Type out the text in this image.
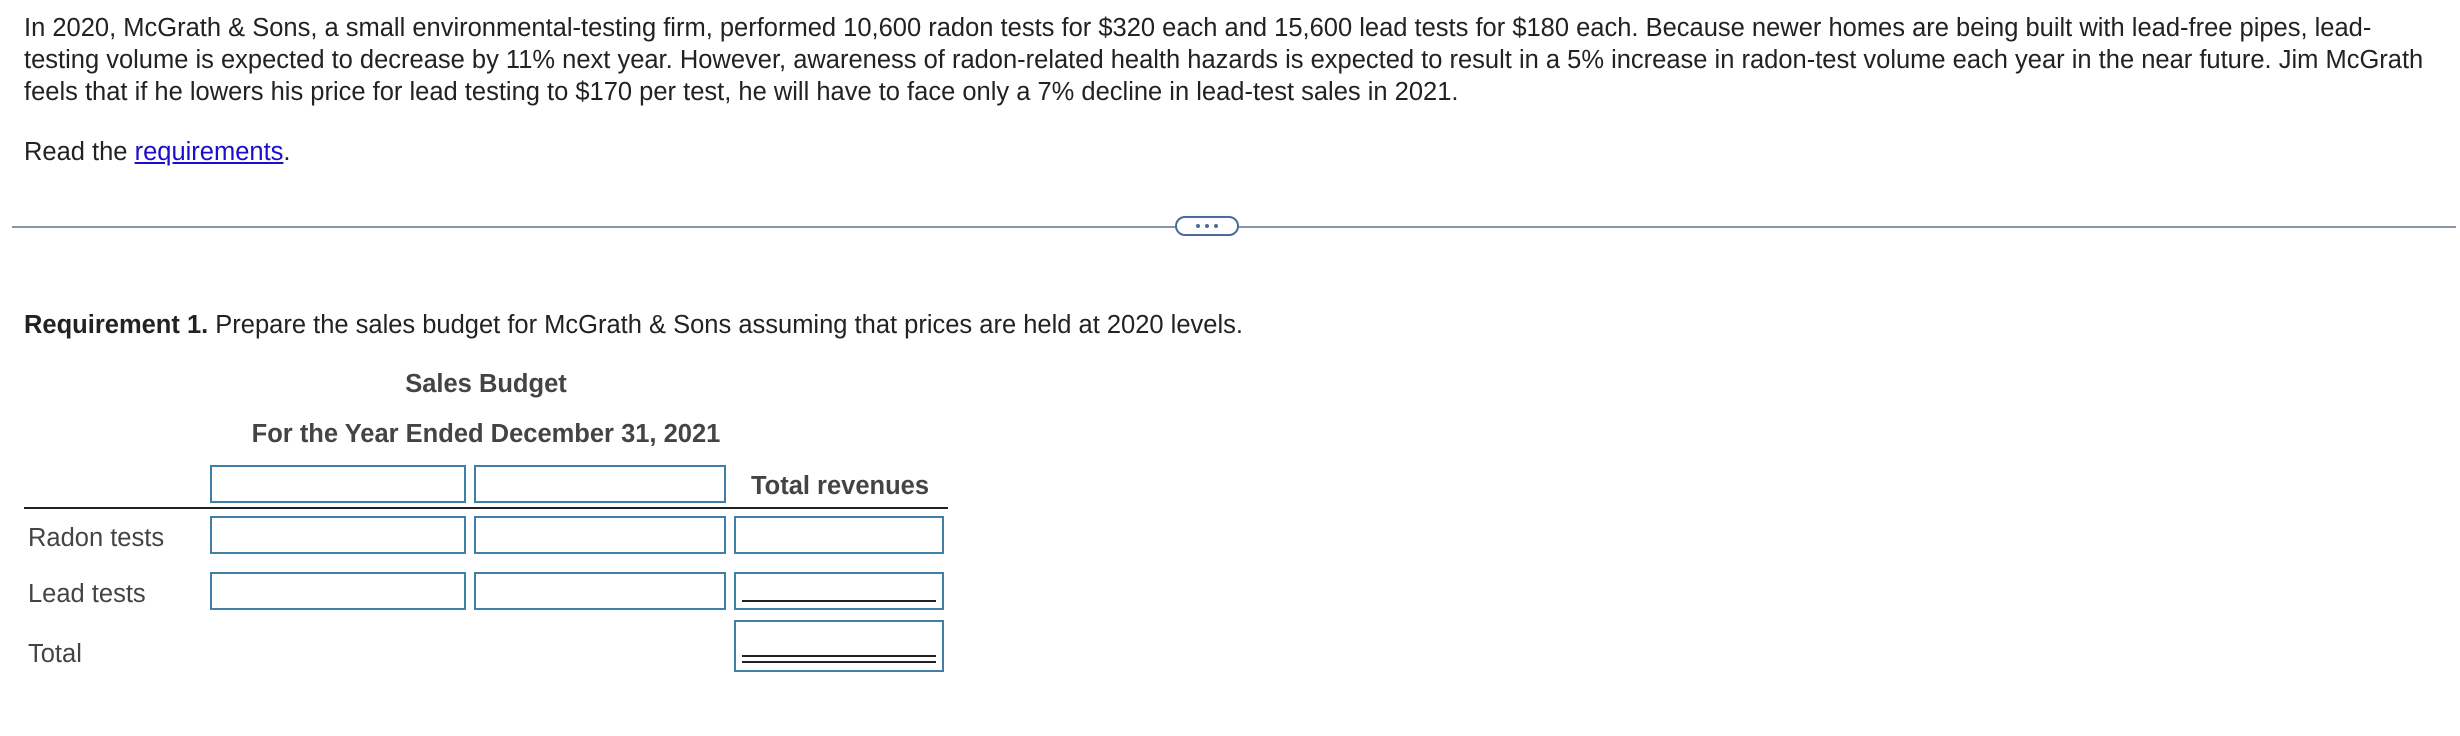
In 2020, McGrath & Sons, a small environmental-testing firm, performed 10,600 radon tests for $320 each and 15,600 lead tests for $180 each. Because newer homes are being built with lead-free pipes, lead-testing volume is expected to decrease by 11% next year. However, awareness of radon-related health hazards is expected to result in a 5% increase in radon-test volume each year in the near future. Jim McGrath feels that if he lowers his price for lead testing to $170 per test, he will have to face only a 7% decline in lead-test sales in 2021.

Read the requirements.

Requirement 1. Prepare the sales budget for McGrath & Sons assuming that prices are held at 2020 levels.

Sales Budget
For the Year Ended December 31, 2021
Total revenues
Radon tests
Lead tests
Total
